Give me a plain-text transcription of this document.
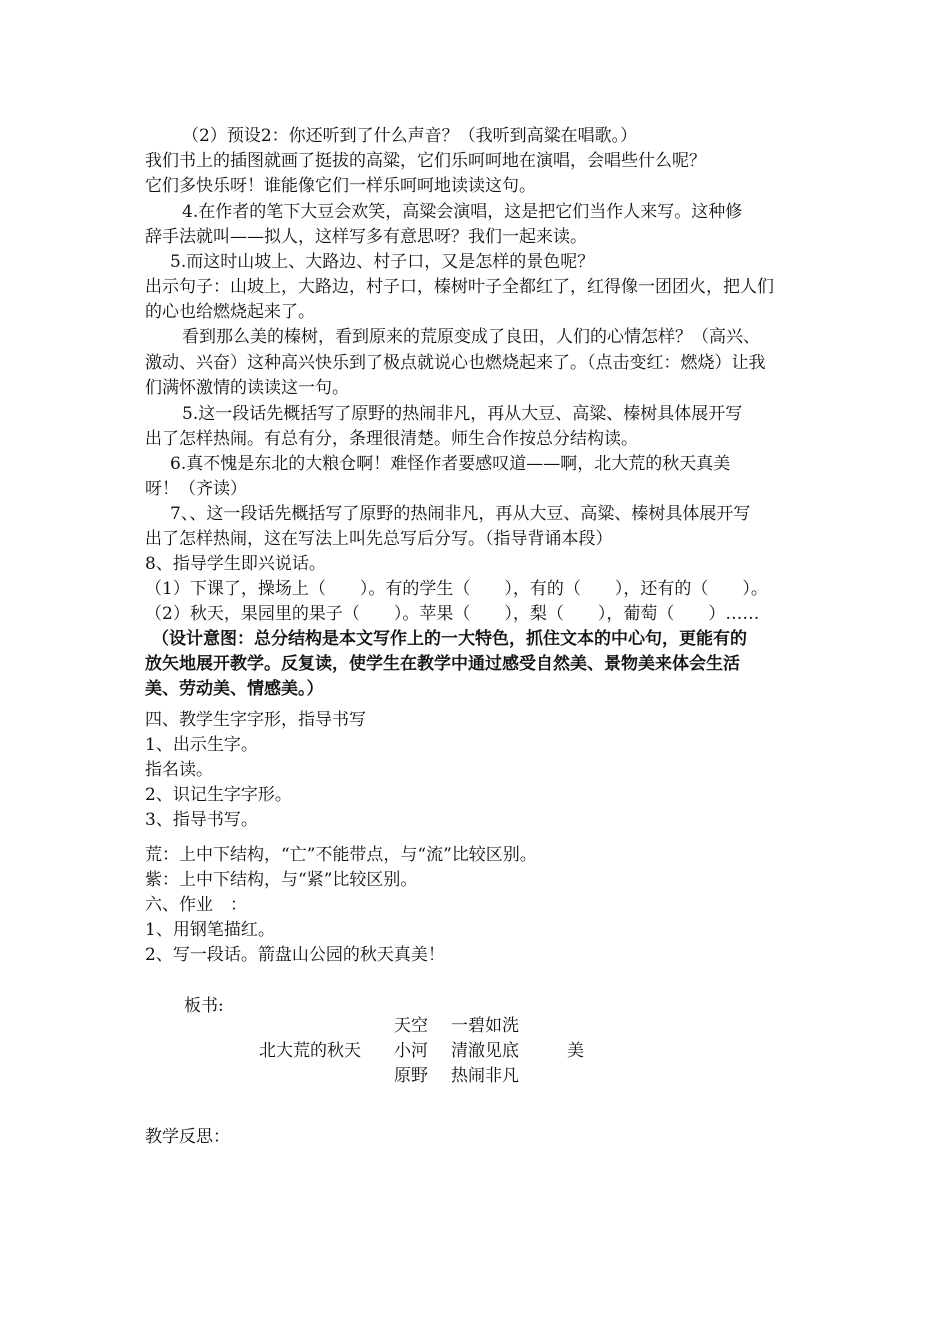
（2）预设2：你还听到了什么声音？（我听到高粱在唱歌。）
我们书上的插图就画了挺拔的高粱，它们乐呵呵地在演唱，会唱些什么呢？
它们多快乐呀！谁能像它们一样乐呵呵地读读这句。
4.在作者的笔下大豆会欢笑，高粱会演唱，这是把它们当作人来写。这种修
辞手法就叫——拟人，这样写多有意思呀？我们一起来读。
5.而这时山坡上、大路边、村子口，又是怎样的景色呢？
出示句子：山坡上，大路边，村子口，榛树叶子全都红了，红得像一团团火，把人们
的心也给燃烧起来了。
看到那么美的榛树，看到原来的荒原变成了良田，人们的心情怎样？（高兴、
激动、兴奋）这种高兴快乐到了极点就说心也燃烧起来了。（点击变红：燃烧）让我
们满怀激情的读读这一句。
5.这一段话先概括写了原野的热闹非凡，再从大豆、高粱、榛树具体展开写
出了怎样热闹。有总有分，条理很清楚。师生合作按总分结构读。
6.真不愧是东北的大粮仓啊！难怪作者要感叹道——啊，北大荒的秋天真美
呀！（齐读）
7、、这一段话先概括写了原野的热闹非凡，再从大豆、高粱、榛树具体展开写
出了怎样热闹，这在写法上叫先总写后分写。（指导背诵本段）
8、指导学生即兴说话。
（1）下课了，操场上（　　）。有的学生（　　），有的（　　），还有的（　　）。
（2）秋天，果园里的果子（　　）。苹果（　　），梨（　　），葡萄（　　）……
（设计意图：总分结构是本文写作上的一大特色，抓住文本的中心句，更能有的
放矢地展开教学。反复读，使学生在教学中通过感受自然美、景物美来体会生活
美、劳动美、情感美。）
四、教学生字字形，指导书写
1、出示生字。
指名读。
2、识记生字字形。
3、指导书写。
荒：上中下结构，“亡”不能带点，与“流”比较区别。
紫：上中下结构，与“紧”比较区别。
六、作业　：
1、用钢笔描红。
2、写一段话。箭盘山公园的秋天真美！
板书:
天空 一碧如洗
北大荒的秋天 小河 清澈见底	美
原野 热闹非凡
教学反思：
